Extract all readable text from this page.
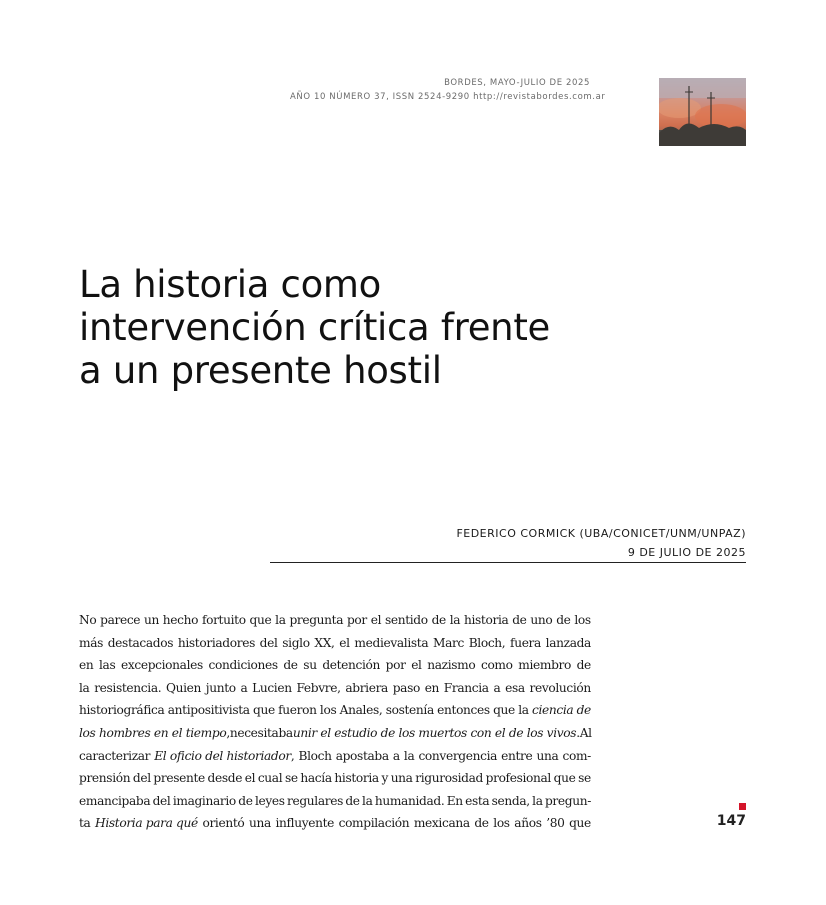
BORDES, MAYO-JULIO DE 2025
AÑO 10 NÚMERO 37, ISSN 2524-9290 http://revistabordes.com.ar
La historia como
intervención crítica frente
a un presente hostil
FEDERICO CORMICK (UBA/CONICET/UNM/UNPAZ)
9 DE JULIO DE 2025
No parece un hecho fortuito que la pregunta por el sentido de la historia de uno de los
más destacados historiadores del siglo XX, el medievalista Marc Bloch, fuera lanzada
en las excepcionales condiciones de su detención por el nazismo como miembro de
la resistencia. Quien junto a Lucien Febvre, abriera paso en Francia a esa revolución
historiográfica antipositivista que fueron los Anales, sostenía entonces que la ciencia de
los hombres en el tiempo, necesitaba unir el estudio de los muertos con el de los vivos. Al
caracterizar El oficio del historiador, Bloch apostaba a la convergencia entre una com-
prensión del presente desde el cual se hacía historia y una rigurosidad profesional que se
emancipaba del imaginario de leyes regulares de la humanidad. En esta senda, la pregun-
ta Historia para qué orientó una influyente compilación mexicana de los años ’80 que	147
